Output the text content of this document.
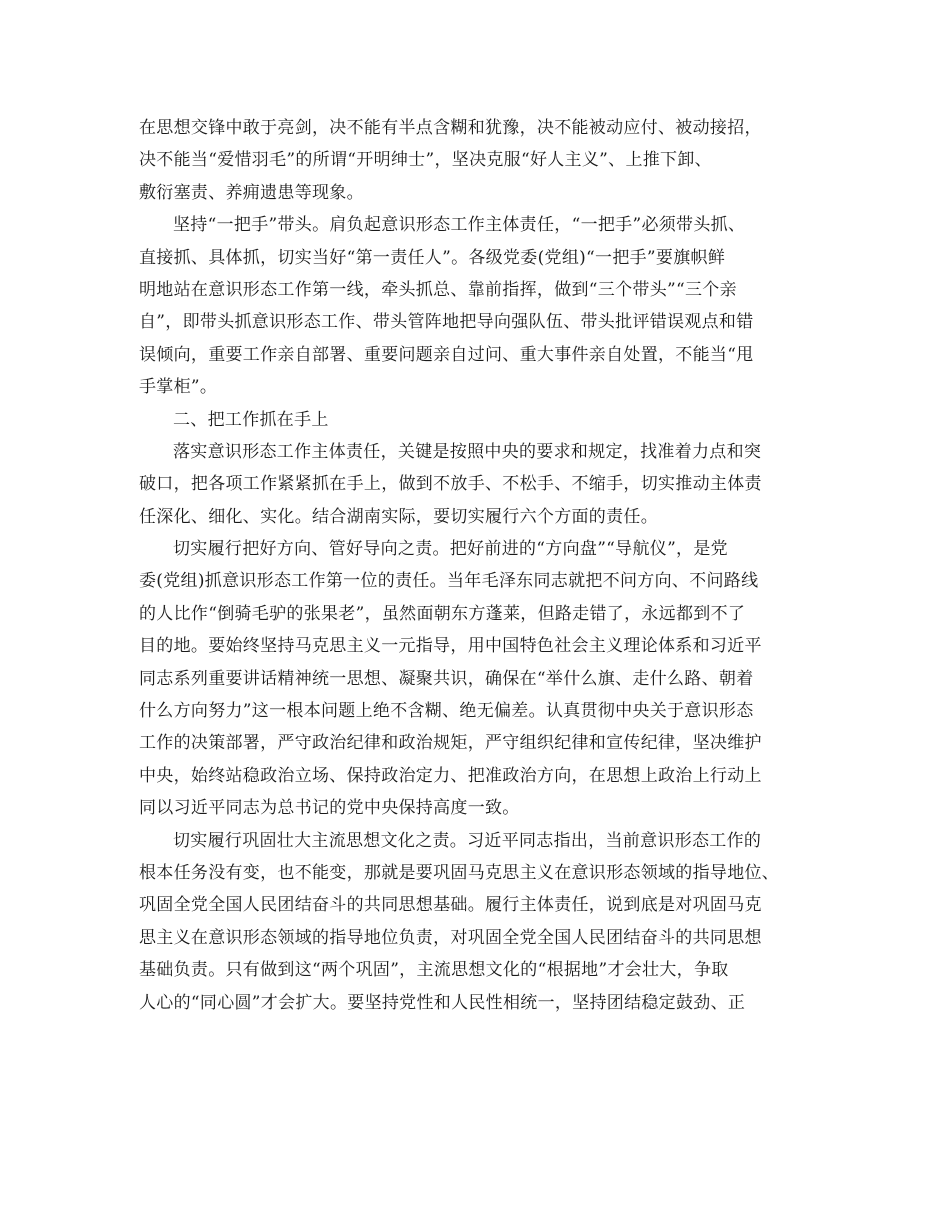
在思想交锋中敢于亮剑，决不能有半点含糊和犹豫，决不能被动应付、被动接招，
决不能当“爱惜羽毛”的所谓“开明绅士”，坚决克服“好人主义”、上推下卸、
敷衍塞责、养痈遗患等现象。
坚持“一把手”带头。肩负起意识形态工作主体责任，“一把手”必须带头抓、
直接抓、具体抓，切实当好“第一责任人”。各级党委(党组)“一把手”要旗帜鲜
明地站在意识形态工作第一线，牵头抓总、靠前指挥，做到“三个带头”“三个亲
自”，即带头抓意识形态工作、带头管阵地把导向强队伍、带头批评错误观点和错
误倾向，重要工作亲自部署、重要问题亲自过问、重大事件亲自处置，不能当“甩
手掌柜”。
二、把工作抓在手上
落实意识形态工作主体责任，关键是按照中央的要求和规定，找准着力点和突
破口，把各项工作紧紧抓在手上，做到不放手、不松手、不缩手，切实推动主体责
任深化、细化、实化。结合湖南实际，要切实履行六个方面的责任。
切实履行把好方向、管好导向之责。把好前进的“方向盘”“导航仪”，是党
委(党组)抓意识形态工作第一位的责任。当年毛泽东同志就把不问方向、不问路线
的人比作“倒骑毛驴的张果老”，虽然面朝东方蓬莱，但路走错了，永远都到不了
目的地。要始终坚持马克思主义一元指导，用中国特色社会主义理论体系和习近平
同志系列重要讲话精神统一思想、凝聚共识，确保在“举什么旗、走什么路、朝着
什么方向努力”这一根本问题上绝不含糊、绝无偏差。认真贯彻中央关于意识形态
工作的决策部署，严守政治纪律和政治规矩，严守组织纪律和宣传纪律，坚决维护
中央，始终站稳政治立场、保持政治定力、把准政治方向，在思想上政治上行动上
同以习近平同志为总书记的党中央保持高度一致。
切实履行巩固壮大主流思想文化之责。习近平同志指出，当前意识形态工作的
根本任务没有变，也不能变，那就是要巩固马克思主义在意识形态领域的指导地位、
巩固全党全国人民团结奋斗的共同思想基础。履行主体责任，说到底是对巩固马克
思主义在意识形态领域的指导地位负责，对巩固全党全国人民团结奋斗的共同思想
基础负责。只有做到这“两个巩固”，主流思想文化的“根据地”才会壮大，争取
人心的“同心圆”才会扩大。要坚持党性和人民性相统一，坚持团结稳定鼓劲、正
